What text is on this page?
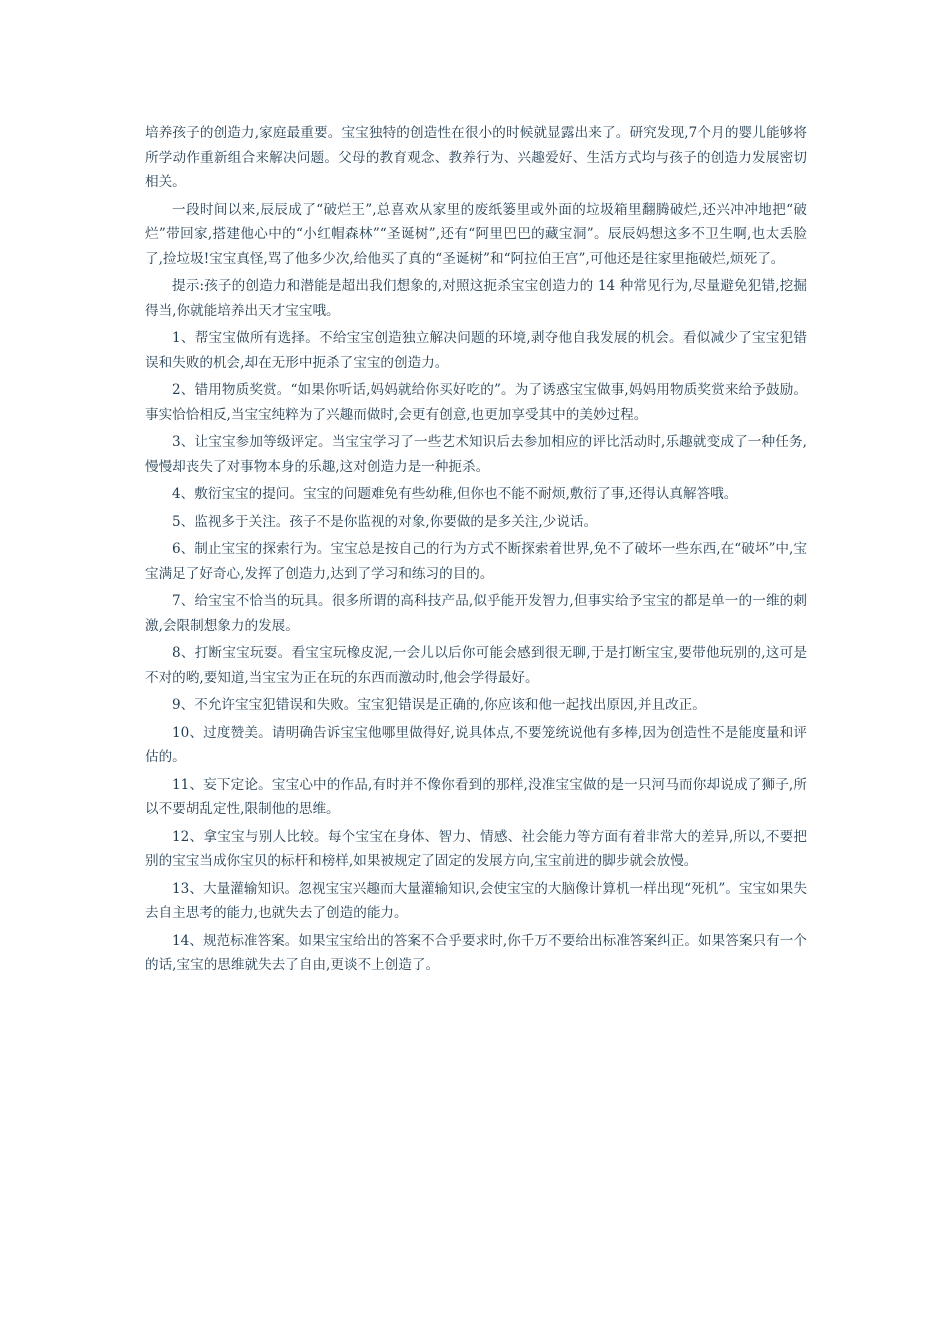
培养孩子的创造力,家庭最重要。宝宝独特的创造性在很小的时候就显露出来了。研究发现,7个月的婴儿能够将所学动作重新组合来解决问题。父母的教育观念、教养行为、兴趣爱好、生活方式均与孩子的创造力发展密切相关。

一段时间以来,辰辰成了“破烂王”,总喜欢从家里的废纸篓里或外面的垃圾箱里翻腾破烂,还兴冲冲地把“破烂”带回家,搭建他心中的“小红帽森林”“圣诞树”,还有“阿里巴巴的藏宝洞”。辰辰妈想这多不卫生啊,也太丢脸了,捡垃圾!宝宝真怪,骂了他多少次,给他买了真的“圣诞树”和“阿拉伯王宫”,可他还是往家里拖破烂,烦死了。

提示:孩子的创造力和潜能是超出我们想象的,对照这扼杀宝宝创造力的 14 种常见行为,尽量避免犯错,挖掘得当,你就能培养出天才宝宝哦。

1、帮宝宝做所有选择。不给宝宝创造独立解决问题的环境,剥夺他自我发展的机会。看似减少了宝宝犯错误和失败的机会,却在无形中扼杀了宝宝的创造力。

2、错用物质奖赏。“如果你听话,妈妈就给你买好吃的”。为了诱惑宝宝做事,妈妈用物质奖赏来给予鼓励。事实恰恰相反,当宝宝纯粹为了兴趣而做时,会更有创意,也更加享受其中的美妙过程。

3、让宝宝参加等级评定。当宝宝学习了一些艺术知识后去参加相应的评比活动时,乐趣就变成了一种任务,慢慢却丧失了对事物本身的乐趣,这对创造力是一种扼杀。

4、敷衍宝宝的提问。宝宝的问题难免有些幼稚,但你也不能不耐烦,敷衍了事,还得认真解答哦。

5、监视多于关注。孩子不是你监视的对象,你要做的是多关注,少说话。

6、制止宝宝的探索行为。宝宝总是按自己的行为方式不断探索着世界,免不了破坏一些东西,在“破坏”中,宝宝满足了好奇心,发挥了创造力,达到了学习和练习的目的。

7、给宝宝不恰当的玩具。很多所谓的高科技产品,似乎能开发智力,但事实给予宝宝的都是单一的一维的刺激,会限制想象力的发展。

8、打断宝宝玩耍。看宝宝玩橡皮泥,一会儿以后你可能会感到很无聊,于是打断宝宝,要带他玩别的,这可是不对的哟,要知道,当宝宝为正在玩的东西而激动时,他会学得最好。

9、不允许宝宝犯错误和失败。宝宝犯错误是正确的,你应该和他一起找出原因,并且改正。

10、过度赞美。请明确告诉宝宝他哪里做得好,说具体点,不要笼统说他有多棒,因为创造性不是能度量和评估的。

11、妄下定论。宝宝心中的作品,有时并不像你看到的那样,没准宝宝做的是一只河马而你却说成了狮子,所以不要胡乱定性,限制他的思维。

12、拿宝宝与别人比较。每个宝宝在身体、智力、情感、社会能力等方面有着非常大的差异,所以,不要把别的宝宝当成你宝贝的标杆和榜样,如果被规定了固定的发展方向,宝宝前进的脚步就会放慢。

13、大量灌输知识。忽视宝宝兴趣而大量灌输知识,会使宝宝的大脑像计算机一样出现“死机”。宝宝如果失去自主思考的能力,也就失去了创造的能力。

14、规范标准答案。如果宝宝给出的答案不合乎要求时,你千万不要给出标准答案纠正。如果答案只有一个的话,宝宝的思维就失去了自由,更谈不上创造了。
